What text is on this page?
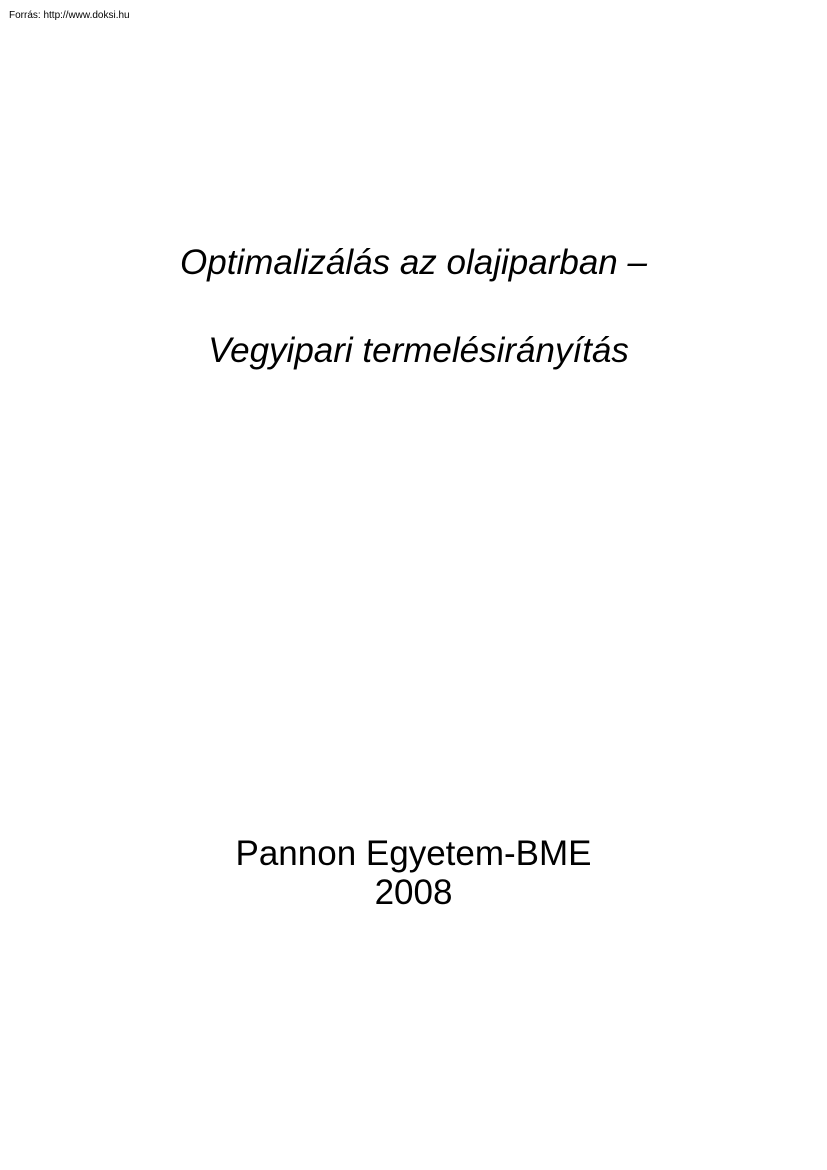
Forrás: http://www.doksi.hu
Optimalizálás az olajiparban –
Vegyipari termelésirányítás
Pannon Egyetem-BME
2008
